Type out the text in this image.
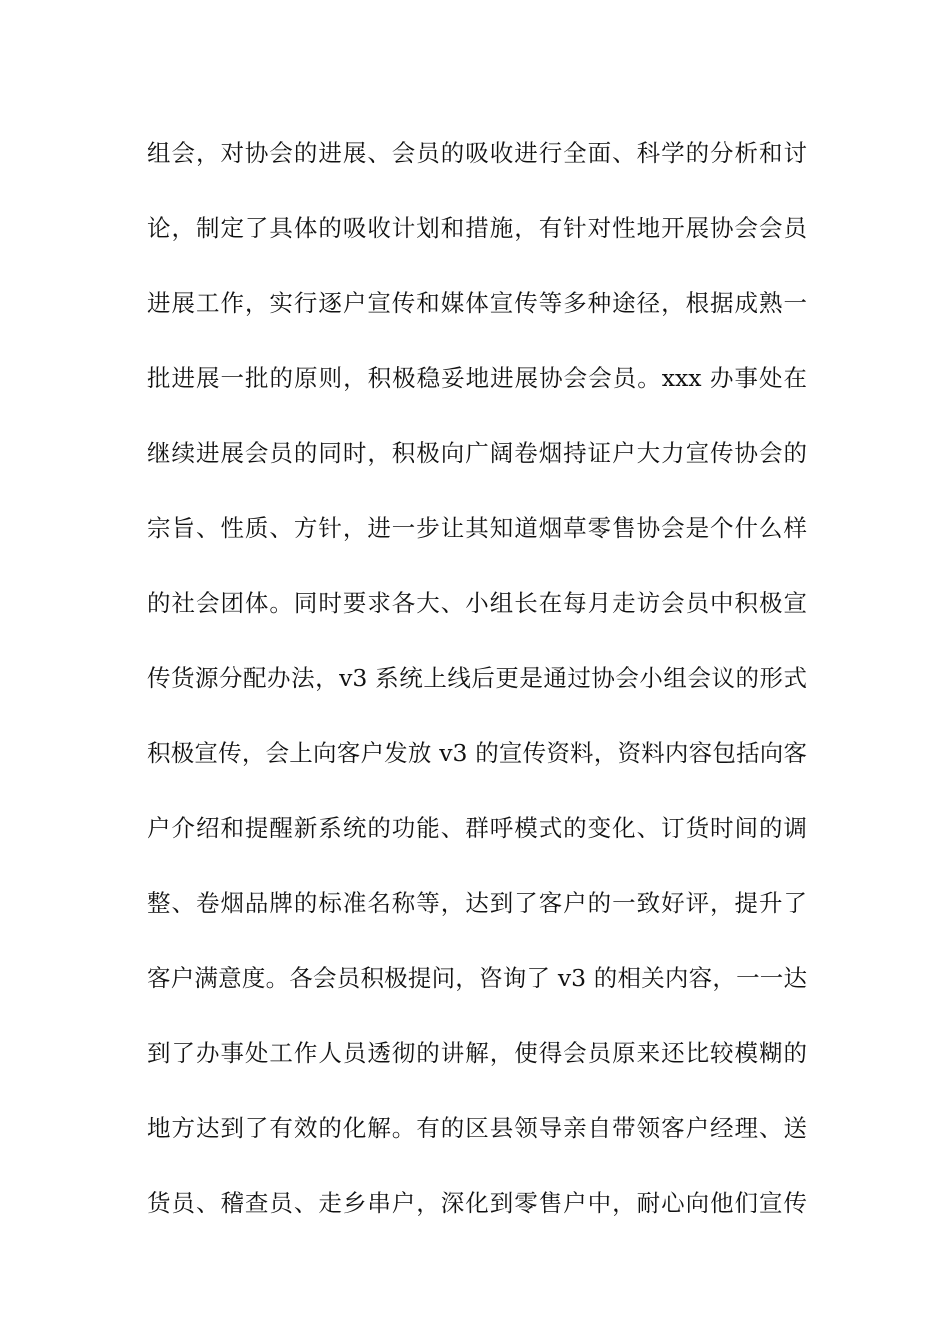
组会，对协会的进展、会员的吸收进行全面、科学的分析和讨
论，制定了具体的吸收计划和措施，有针对性地开展协会会员
进展工作，实行逐户宣传和媒体宣传等多种途径，根据成熟一
批进展一批的原则，积极稳妥地进展协会会员。xxx 办事处在
继续进展会员的同时，积极向广阔卷烟持证户大力宣传协会的
宗旨、性质、方针，进一步让其知道烟草零售协会是个什么样
的社会团体。同时要求各大、小组长在每月走访会员中积极宣
传货源分配办法，v3 系统上线后更是通过协会小组会议的形式
积极宣传，会上向客户发放 v3 的宣传资料，资料内容包括向客
户介绍和提醒新系统的功能、群呼模式的变化、订货时间的调
整、卷烟品牌的标准名称等，达到了客户的一致好评，提升了
客户满意度。各会员积极提问，咨询了 v3 的相关内容，一一达
到了办事处工作人员透彻的讲解，使得会员原来还比较模糊的
地方达到了有效的化解。有的区县领导亲自带领客户经理、送
货员、稽查员、走乡串户，深化到零售户中，耐心向他们宣传
